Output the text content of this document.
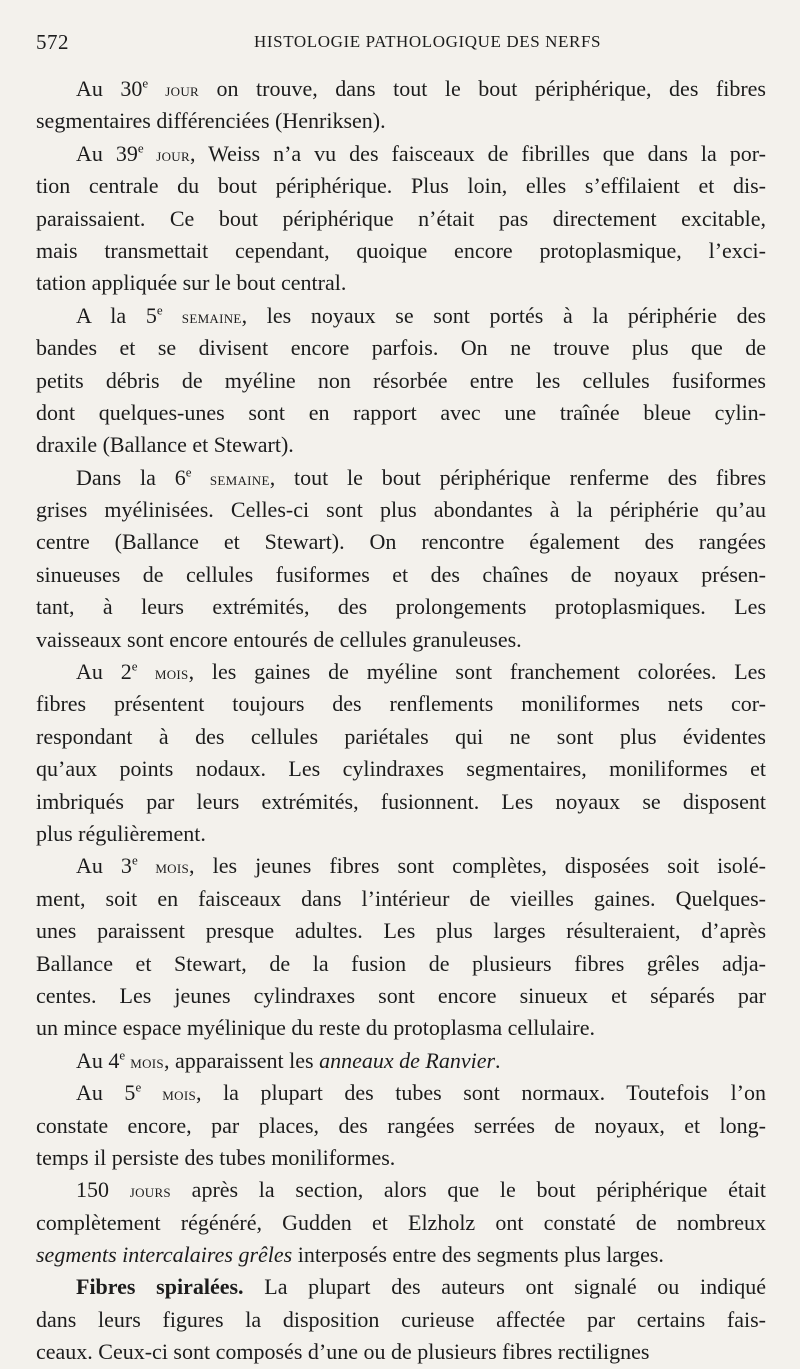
572	HISTOLOGIE PATHOLOGIQUE DES NERFS
Au 30e jour on trouve, dans tout le bout périphérique, des fibres
segmentaires différenciées (Henriksen).
Au 39e jour, Weiss n’a vu des faisceaux de fibrilles que dans la por-
tion centrale du bout périphérique. Plus loin, elles s’effilaient et dis-
paraissaient. Ce bout périphérique n’était pas directement excitable,
mais transmettait cependant, quoique encore protoplasmique, l’exci-
tation appliquée sur le bout central.
A la 5e semaine, les noyaux se sont portés à la périphérie des
bandes et se divisent encore parfois. On ne trouve plus que de
petits débris de myéline non résorbée entre les cellules fusiformes
dont quelques-unes sont en rapport avec une traînée bleue cylin-
draxile (Ballance et Stewart).
Dans la 6e semaine, tout le bout périphérique renferme des fibres
grises myélinisées. Celles-ci sont plus abondantes à la périphérie qu’au
centre (Ballance et Stewart). On rencontre également des rangées
sinueuses de cellules fusiformes et des chaînes de noyaux présen-
tant, à leurs extrémités, des prolongements protoplasmiques. Les
vaisseaux sont encore entourés de cellules granuleuses.
Au 2e mois, les gaines de myéline sont franchement colorées. Les
fibres présentent toujours des renflements moniliformes nets cor-
respondant à des cellules pariétales qui ne sont plus évidentes
qu’aux points nodaux. Les cylindraxes segmentaires, moniliformes et
imbriqués par leurs extrémités, fusionnent. Les noyaux se disposent
plus régulièrement.
Au 3e mois, les jeunes fibres sont complètes, disposées soit isolé-
ment, soit en faisceaux dans l’intérieur de vieilles gaines. Quelques-
unes paraissent presque adultes. Les plus larges résulteraient, d’après
Ballance et Stewart, de la fusion de plusieurs fibres grêles adja-
centes. Les jeunes cylindraxes sont encore sinueux et séparés par
un mince espace myélinique du reste du protoplasma cellulaire.
Au 4e mois, apparaissent les anneaux de Ranvier.
Au 5e mois, la plupart des tubes sont normaux. Toutefois l’on
constate encore, par places, des rangées serrées de noyaux, et long-
temps il persiste des tubes moniliformes.
150 jours après la section, alors que le bout périphérique était
complètement régénéré, Gudden et Elzholz ont constaté de nombreux
segments intercalaires grêles interposés entre des segments plus larges.
Fibres spiralées. La plupart des auteurs ont signalé ou indiqué
dans leurs figures la disposition curieuse affectée par certains fais-
ceaux. Ceux-ci sont composés d’une ou de plusieurs fibres rectilignes
